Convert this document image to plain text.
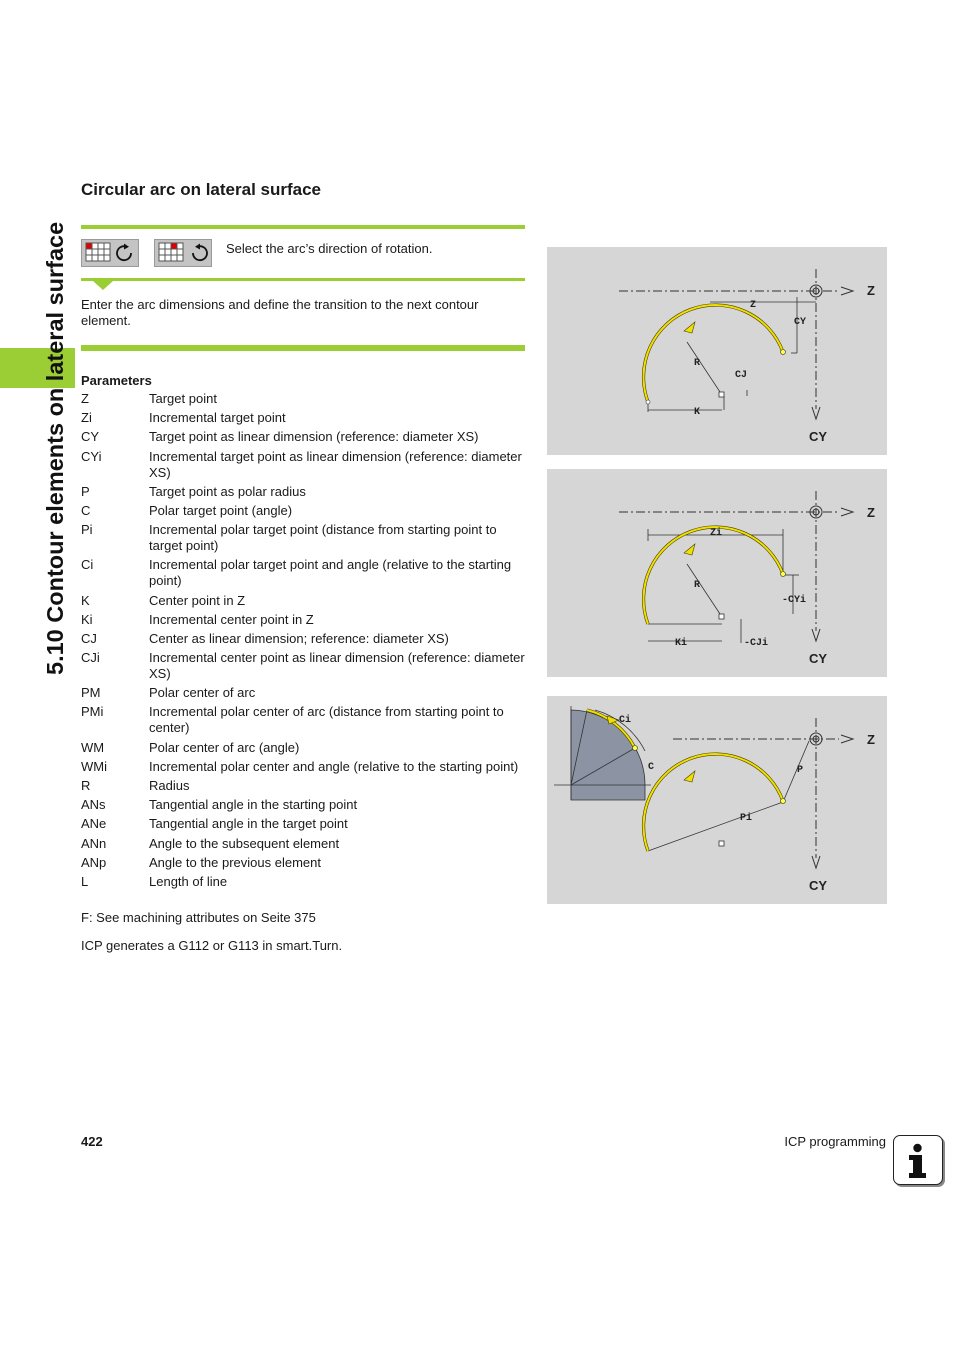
5.10 Contour elements on lateral surface
Circular arc on lateral surface

Select the arc’s direction of rotation.

Enter the arc dimensions and define the transition to the next contour element.

Parameters
Z	Target point
Zi	Incremental target point
CY	Target point as linear dimension (reference: diameter XS)
CYi	Incremental target point as linear dimension (reference: diameter XS)
P	Target point as polar radius
C	Polar target point (angle)
Pi	Incremental polar target point (distance from starting point to target point)
Ci	Incremental polar target point and angle (relative to the starting point)
K	Center point in Z
Ki	Incremental center point in Z
CJ	Center as linear dimension; reference: diameter XS)
CJi	Incremental center point as linear dimension (reference: diameter XS)
PM	Polar center of arc
PMi	Incremental polar center of arc (distance from starting point to center)
WM	Polar center of arc (angle)
WMi	Incremental polar center and angle (relative to the starting point)
R	Radius
ANs	Tangential angle in the starting point
ANe	Tangential angle in the target point
ANn	Angle to the subsequent element
ANp	Angle to the previous element
L	Length of line

F: See machining attributes on Seite 375

ICP generates a G112 or G113 in smart.Turn.

Z
CY
Z
CY
R
CJ
K
Z
CY
Zi
-CYi
R
Ki	-CJi
Z
CY
Ci
C	P
Pi
422	ICP programming
